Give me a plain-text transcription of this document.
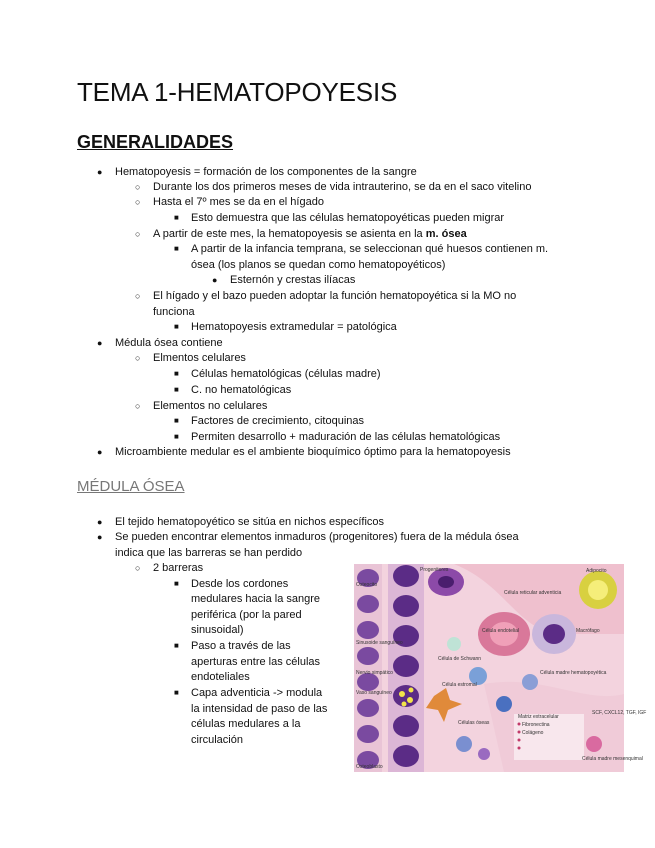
TEMA 1-HEMATOPOYESIS
GENERALIDADES
● Hematopoyesis = formación de los componentes de la sangre
○ Durante los dos primeros meses de vida intrauterino, se da en el saco vitelino
○ Hasta el 7º mes se da en el hígado
■ Esto demuestra que las células hematopoyéticas pueden migrar
○ A partir de este mes, la hematopoyesis se asienta en la m. ósea
■ A partir de la infancia temprana, se seleccionan qué huesos contienen m.
ósea (los planos se quedan como hematopoyéticos)
● Esternón y crestas ilíacas
○ El hígado y el bazo pueden adoptar la función hematopoyética si la MO no
funciona
■ Hematopoyesis extramedular = patológica
● Médula ósea contiene
○ Elmentos celulares
■ Células hematológicas (células madre)
■ C. no hematológicas
○ Elementos no celulares
■ Factores de crecimiento, citoquinas
■ Permiten desarrollo + maduración de las células hematológicas
● Microambiente medular es el ambiente bioquímico óptimo para la hematopoyesis
MÉDULA ÓSEA
● El tejido hematopoyético se sitúa en nichos específicos
● Se pueden encontrar elementos inmaduros (progenitores) fuera de la médula ósea
indica que las barreras se han perdido
○ 2 barreras
■ Desde los cordones
medulares hacia la sangre
periférica (por la pared
sinusoidal)
■ Paso a través de las
aperturas entre las células
endoteliales
■ Capa adventicia -> modula
la intensidad de paso de las
células medulares a la
circulación
Osteocito
Progenitores
Célula reticular adventicia
Adipocito
Célula endotelial	Macrófago
Sinusoide sanguíneo
Célula de Schwann
Nervio simpático	Célula madre hematopoyética
Vaso sanguíneo
Células óseas
Célula estromal
Matriz extracelular
Fibronectina
Colágeno
Osteoblasto
Célula madre mesenquimal
SCF, CXCL12, TGF, IGF
